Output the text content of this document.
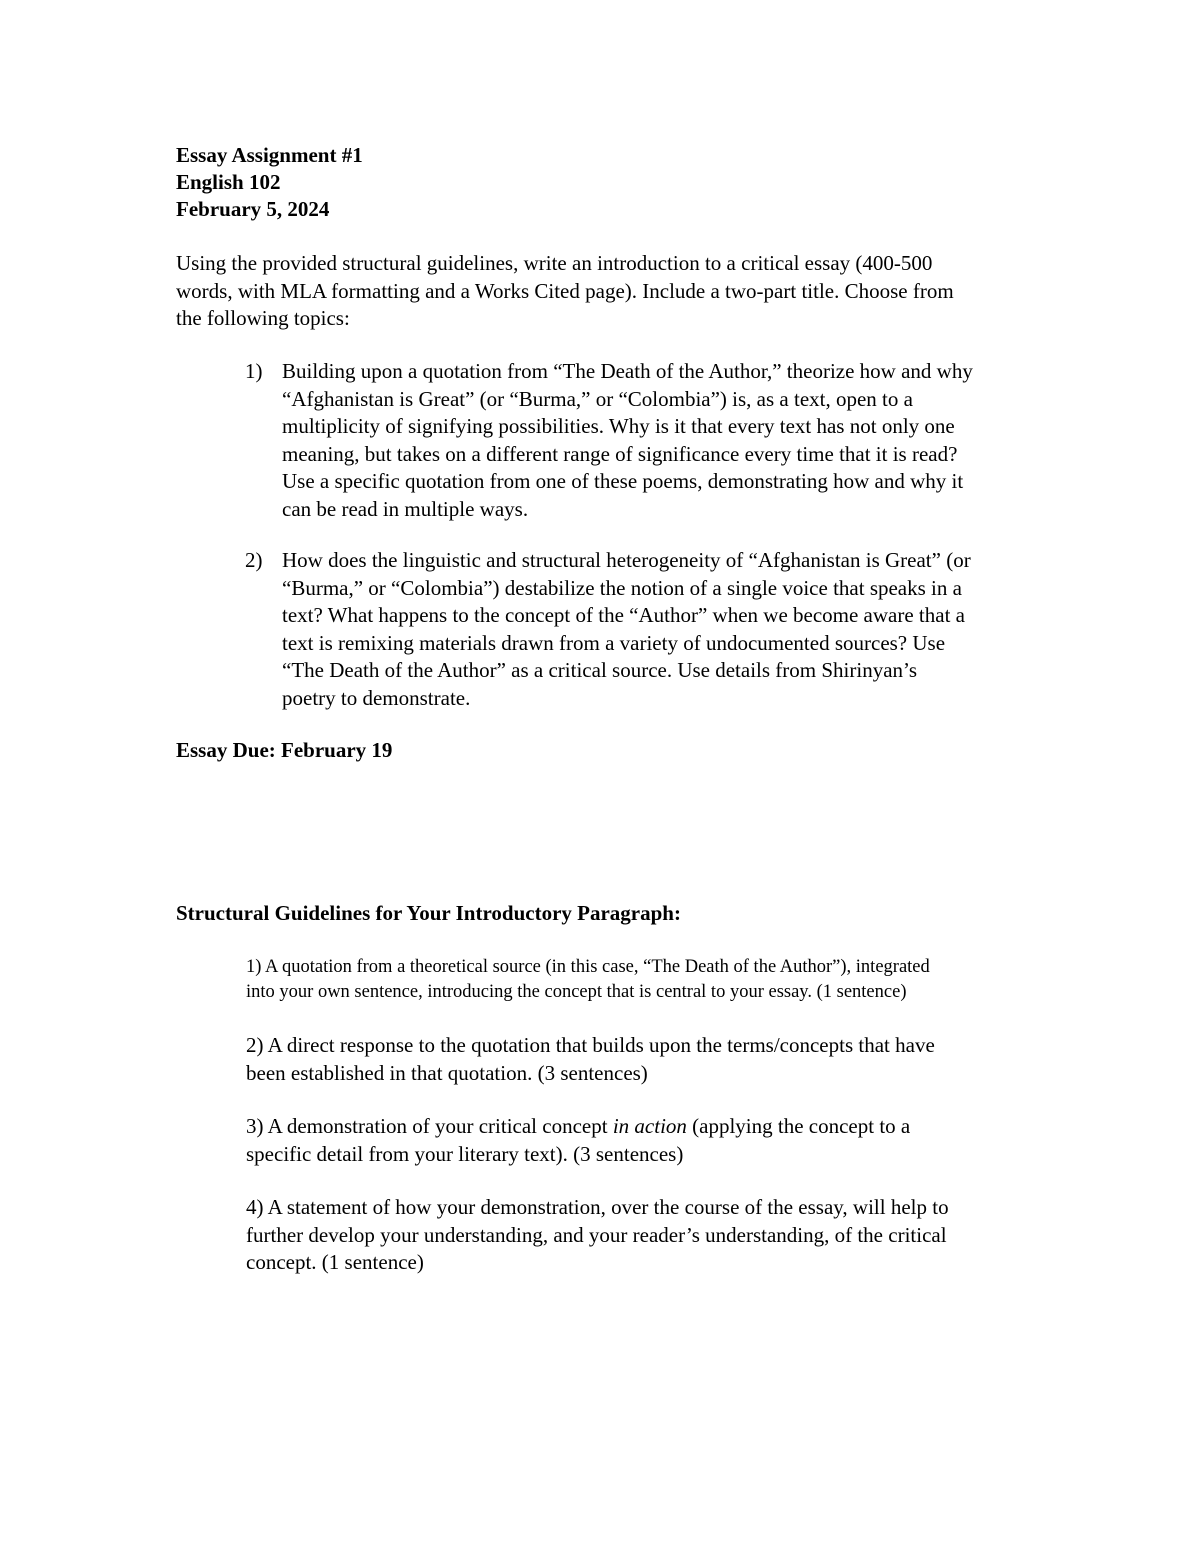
Essay Assignment #1
English 102
February 5, 2024
Using the provided structural guidelines, write an introduction to a critical essay (400-500
words, with MLA formatting and a Works Cited page). Include a two-part title. Choose from
the following topics:
1) Building upon a quotation from “The Death of the Author,” theorize how and why
“Afghanistan is Great” (or “Burma,” or “Colombia”) is, as a text, open to a
multiplicity of signifying possibilities. Why is it that every text has not only one
meaning, but takes on a different range of significance every time that it is read?
Use a specific quotation from one of these poems, demonstrating how and why it
can be read in multiple ways.
2) How does the linguistic and structural heterogeneity of “Afghanistan is Great” (or
“Burma,” or “Colombia”) destabilize the notion of a single voice that speaks in a
text? What happens to the concept of the “Author” when we become aware that a
text is remixing materials drawn from a variety of undocumented sources? Use
“The Death of the Author” as a critical source. Use details from Shirinyan’s
poetry to demonstrate.
Essay Due: February 19
Structural Guidelines for Your Introductory Paragraph:
1) A quotation from a theoretical source (in this case, “The Death of the Author”), integrated
into your own sentence, introducing the concept that is central to your essay. (1 sentence)
2) A direct response to the quotation that builds upon the terms/concepts that have
been established in that quotation. (3 sentences)
3) A demonstration of your critical concept in action (applying the concept to a
specific detail from your literary text). (3 sentences)
4) A statement of how your demonstration, over the course of the essay, will help to
further develop your understanding, and your reader’s understanding, of the critical
concept. (1 sentence)
